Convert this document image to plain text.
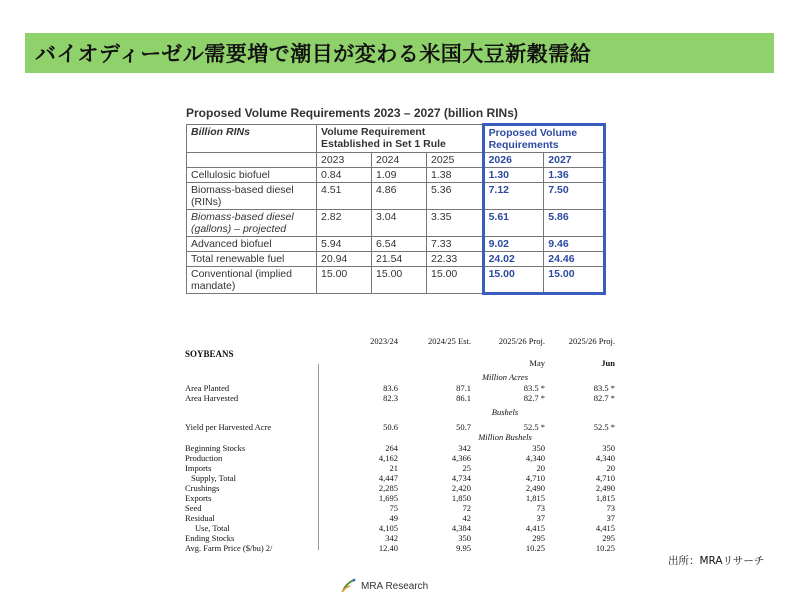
バイオディーゼル需要増で潮目が変わる米国大豆新穀需給
Proposed Volume Requirements 2023 – 2027 (billion RINs)
Billion RINs	Volume Requirement Established in Set 1 Rule			Proposed Volume Requirements	
	2023	2024	2025	2026	2027
Cellulosic biofuel	0.84	1.09	1.38	1.30	1.36
Biomass-based diesel (RINs)	4.51	4.86	5.36	7.12	7.50
Biomass-based diesel (gallons) – projected	2.82	3.04	3.35	5.61	5.86
Advanced biofuel	5.94	6.54	7.33	9.02	9.46
Total renewable fuel	20.94	21.54	22.33	24.02	24.46
Conventional (implied mandate)	15.00	15.00	15.00	15.00	15.00
2023/24	2024/25 Est.	2025/26 Proj.	2025/26 Proj.
SOYBEANS
May	Jun
Million Acres
Area Planted	83.6	87.1	83.5 *	83.5 *
Area Harvested	82.3	86.1	82.7 *	82.7 *
Bushels
Yield per Harvested Acre	50.6	50.7	52.5 *	52.5 *
Million Bushels
Beginning Stocks	264	342	350	350
Production	4,162	4,366	4,340	4,340
Imports	21	25	20	20
Supply, Total	4,447	4,734	4,710	4,710
Crushings	2,285	2,420	2,490	2,490
Exports	1,695	1,850	1,815	1,815
Seed	75	72	73	73
Residual	49	42	37	37
Use, Total	4,105	4,384	4,415	4,415
Ending Stocks	342	350	295	295
Avg. Farm Price ($/bu) 2/	12.40	9.95	10.25	10.25
出所：MRAリサーチ
MRA Research
